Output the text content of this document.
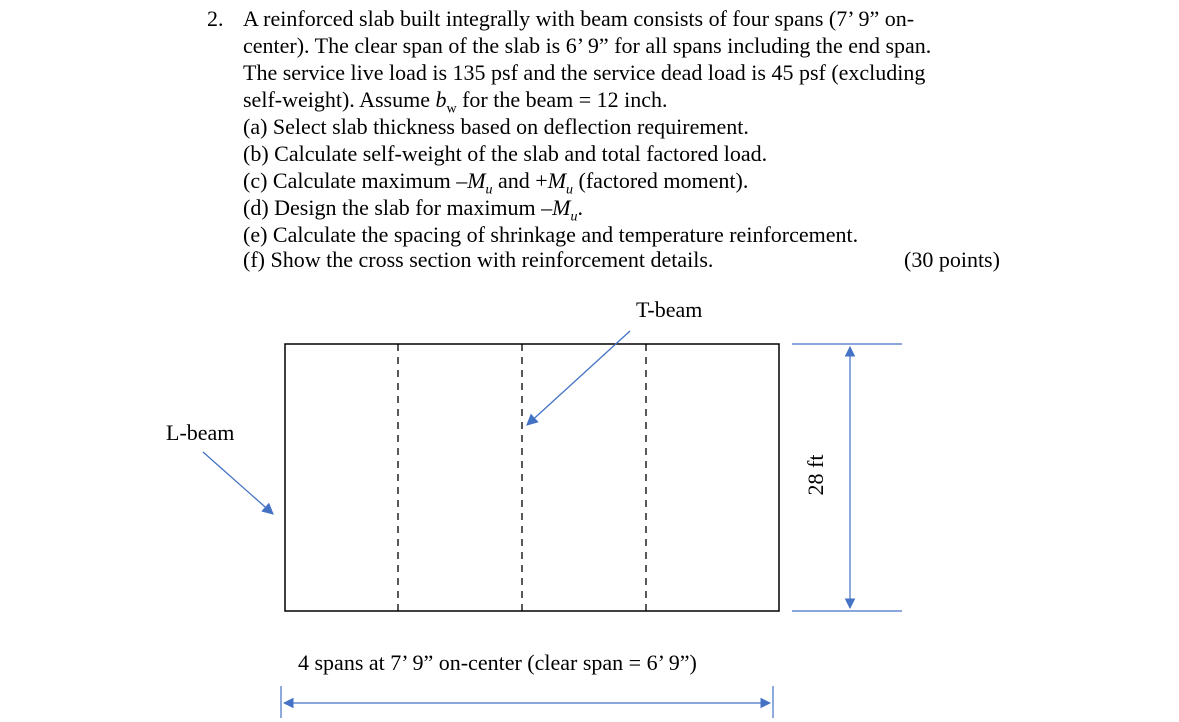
2. A reinforced slab built integrally with beam consists of four spans (7’ 9” on-
center). The clear span of the slab is 6’ 9” for all spans including the end span.
The service live load is 135 psf and the service dead load is 45 psf (excluding
self-weight). Assume $b_w$ for the beam = 12 inch.
(a) Select slab thickness based on deflection requirement.
(b) Calculate self-weight of the slab and total factored load.
(c) Calculate maximum $-M_u$ and $+M_u$ (factored moment).
(d) Design the slab for maximum $-M_u$.
(e) Calculate the spacing of shrinkage and temperature reinforcement.
(f) Show the cross section with reinforcement details.	(30 points)
T-beam
L-beam
28 ft
4 spans at 7’ 9” on-center (clear span = 6’ 9”)
